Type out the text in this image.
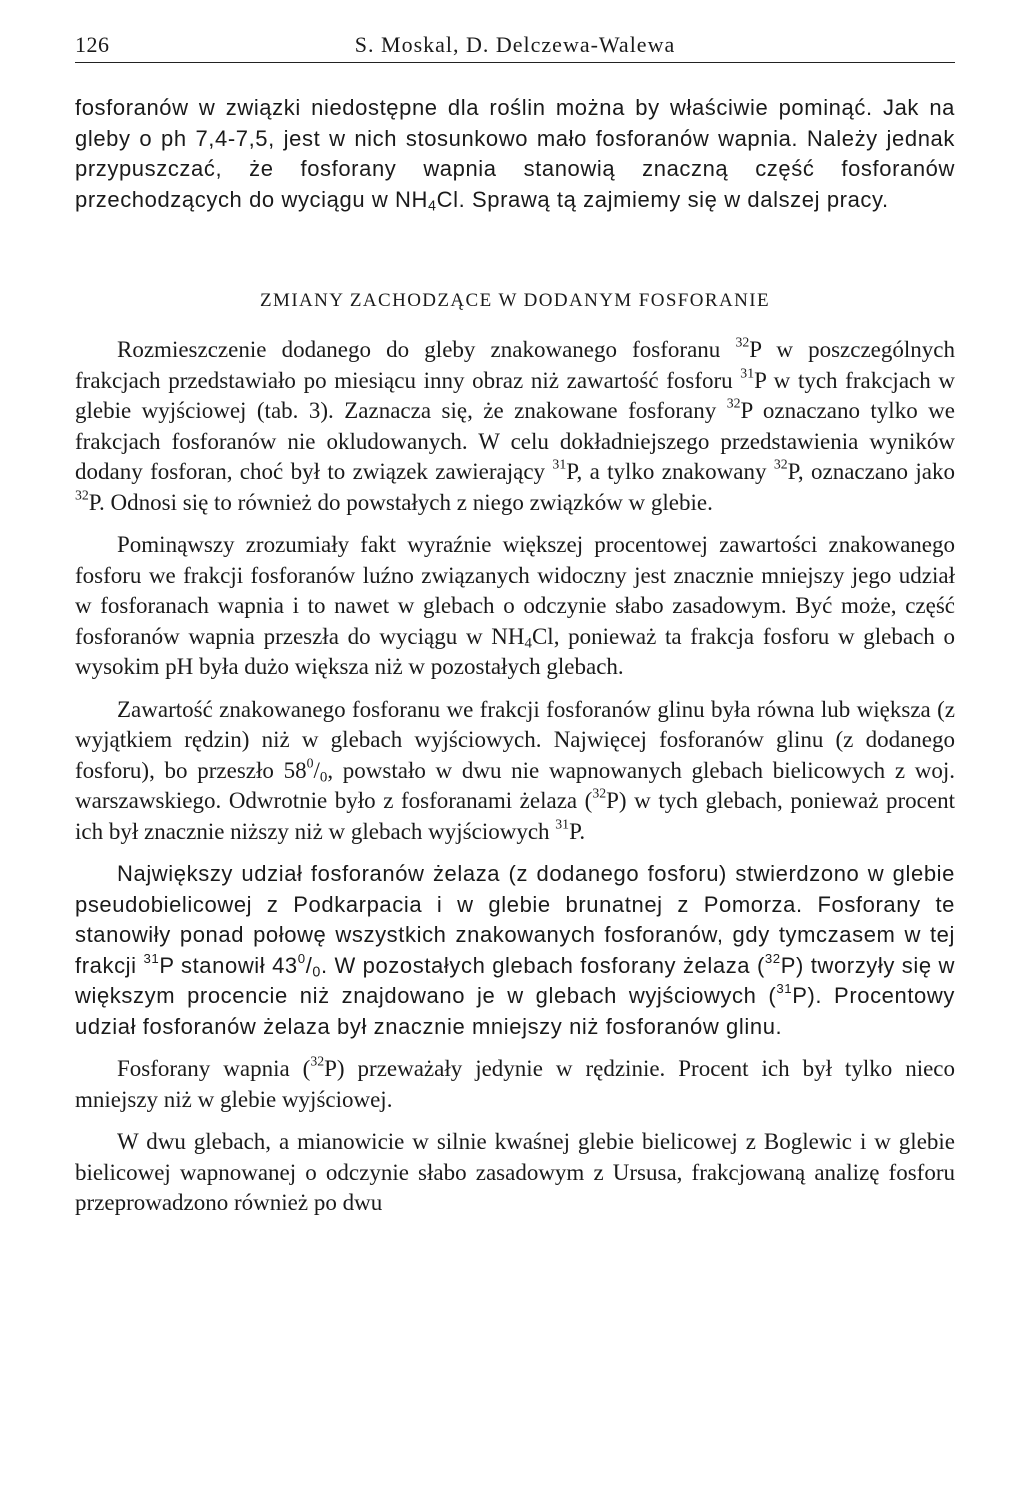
126	S. Moskal, D. Delczewa-Walewa
fosforanów w związki niedostępne dla roślin można by właściwie pominąć. Jak na gleby o ph 7,4-7,5, jest w nich stosunkowo mało fosforanów wapnia. Należy jednak przypuszczać, że fosforany wapnia stanowią znaczną część fosforanów przechodzących do wyciągu w $NH_4Cl$. Sprawą tą zajmiemy się w dalszej pracy.
ZMIANY ZACHODZĄCE W DODANYM FOSFORANIE

Rozmieszczenie dodanego do gleby znakowanego fosforanu $^{32}$P w poszczególnych frakcjach przedstawiało po miesiącu inny obraz niż zawartość fosforu $^{31}$P w tych frakcjach w glebie wyjściowej (tab. 3). Zaznacza się, że znakowane fosforany $^{32}$P oznaczano tylko we frakcjach fosforanów nie okludowanych. W celu dokładniejszego przedstawienia wyników dodany fosforan, choć był to związek zawierający $^{31}$P, a tylko znakowany $^{32}$P, oznaczano jako $^{32}$P. Odnosi się to również do powstałych z niego związków w glebie.

Pominąwszy zrozumiały fakt wyraźnie większej procentowej zawartości znakowanego fosforu we frakcji fosforanów luźno związanych widoczny jest znacznie mniejszy jego udział w fosforanach wapnia i to nawet w glebach o odczynie słabo zasadowym. Być może, część fosforanów wapnia przeszła do wyciągu w $NH_4Cl$, ponieważ ta frakcja fosforu w glebach o wysokim pH była dużo większa niż w pozostałych glebach.

Zawartość znakowanego fosforanu we frakcji fosforanów glinu była równa lub większa (z wyjątkiem rędzin) niż w glebach wyjściowych. Najwięcej fosforanów glinu (z dodanego fosforu), bo przeszło $58^0/_0$, powstało w dwu nie wapnowanych glebach bielicowych z woj. warszawskiego. Odwrotnie było z fosforanami żelaza ($^{32}$P) w tych glebach, ponieważ procent ich był znacznie niższy niż w glebach wyjściowych $^{31}$P.

Największy udział fosforanów żelaza (z dodanego fosforu) stwierdzono w glebie pseudobielicowej z Podkarpacia i w glebie brunatnej z Pomorza. Fosforany te stanowiły ponad połowę wszystkich znakowanych fosforanów, gdy tymczasem w tej frakcji $^{31}$P stanowił $43^0/_0$. W pozostałych glebach fosforany żelaza ($^{32}$P) tworzyły się w większym procencie niż znajdowano je w glebach wyjściowych ($^{31}$P). Procentowy udział fosforanów żelaza był znacznie mniejszy niż fosforanów glinu.

Fosforany wapnia ($^{32}$P) przeważały jedynie w rędzinie. Procent ich był tylko nieco mniejszy niż w glebie wyjściowej.

W dwu glebach, a mianowicie w silnie kwaśnej glebie bielicowej z Boglewic i w glebie bielicowej wapnowanej o odczynie słabo zasadowym z Ursusa, frakcjowaną analizę fosforu przeprowadzono również po dwu
